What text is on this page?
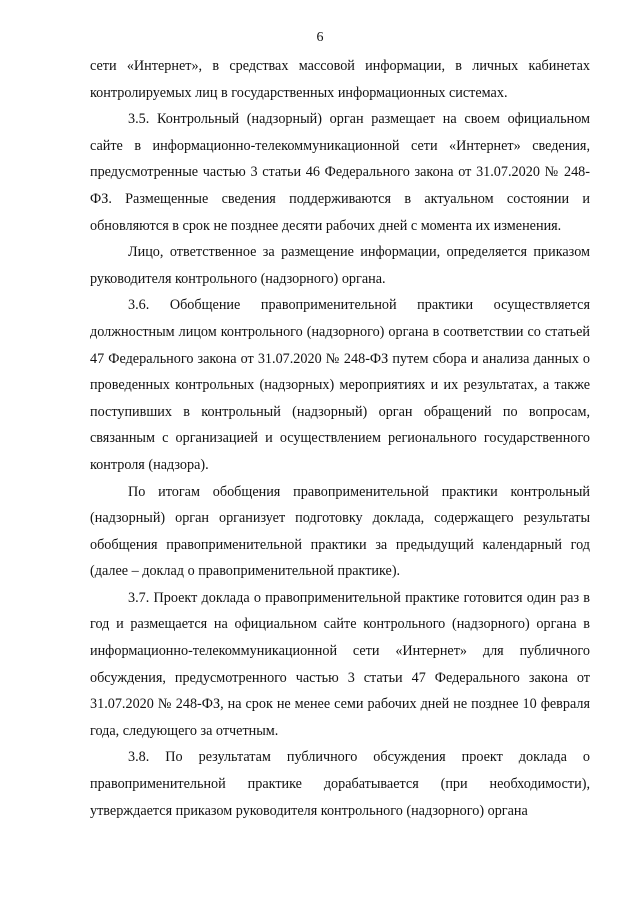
6

сети «Интернет», в средствах массовой информации, в личных кабинетах контролируемых лиц в государственных информационных системах.

3.5. Контрольный (надзорный) орган размещает на своем официальном сайте в информационно-телекоммуникационной сети «Интернет» сведения, предусмотренные частью 3 статьи 46 Федерального закона от 31.07.2020 № 248-ФЗ. Размещенные сведения поддерживаются в актуальном состоянии и обновляются в срок не позднее десяти рабочих дней с момента их изменения.

Лицо, ответственное за размещение информации, определяется приказом руководителя контрольного (надзорного) органа.

3.6. Обобщение правоприменительной практики осуществляется должностным лицом контрольного (надзорного) органа в соответствии со статьей 47 Федерального закона от 31.07.2020 № 248-ФЗ путем сбора и анализа данных о проведенных контрольных (надзорных) мероприятиях и их результатах, а также поступивших в контрольный (надзорный) орган обращений по вопросам, связанным с организацией и осуществлением регионального государственного контроля (надзора).

По итогам обобщения правоприменительной практики контрольный (надзорный) орган организует подготовку доклада, содержащего результаты обобщения правоприменительной практики за предыдущий календарный год (далее – доклад о правоприменительной практике).

3.7. Проект доклада о правоприменительной практике готовится один раз в год и размещается на официальном сайте контрольного (надзорного) органа в информационно-телекоммуникационной сети «Интернет» для публичного обсуждения, предусмотренного частью 3 статьи 47 Федерального закона от 31.07.2020 № 248-ФЗ, на срок не менее семи рабочих дней не позднее 10 февраля года, следующего за отчетным.

3.8. По результатам публичного обсуждения проект доклада о правоприменительной практике дорабатывается (при необходимости), утверждается приказом руководителя контрольного (надзорного) органа
